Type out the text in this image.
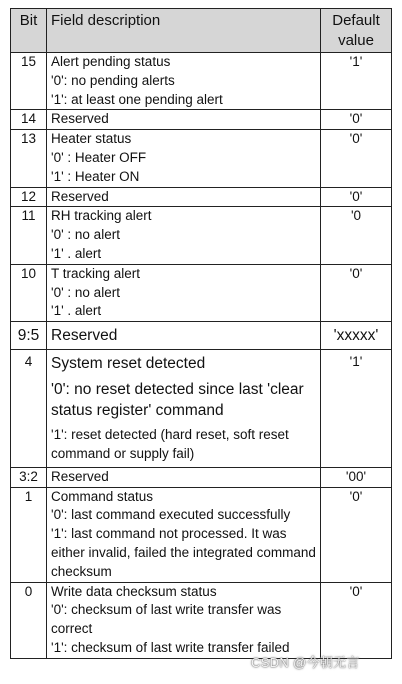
Bit	Field description	Default value
15	Alert pending status
'0': no pending alerts
'1': at least one pending alert	'1'
14	Reserved	'0'
13	Heater status
'0' : Heater OFF
'1' : Heater ON	'0'
12	Reserved	'0'
11	RH tracking alert
'0' : no alert
'1' . alert	'0
10	T tracking alert
'0' : no alert
'1' . alert	'0'
9:5	Reserved	'xxxxx'
4	System reset detected
'0': no reset detected since last 'clear status register' command
'1': reset detected (hard reset, soft reset command or supply fail)	'1'
3:2	Reserved	'00'
1	Command status
'0': last command executed successfully
'1': last command not processed. It was either invalid, failed the integrated command checksum	'0'
0	Write data checksum status
'0': checksum of last write transfer was correct
'1': checksum of last write transfer failed	'0'
CSDN @今朝无言
